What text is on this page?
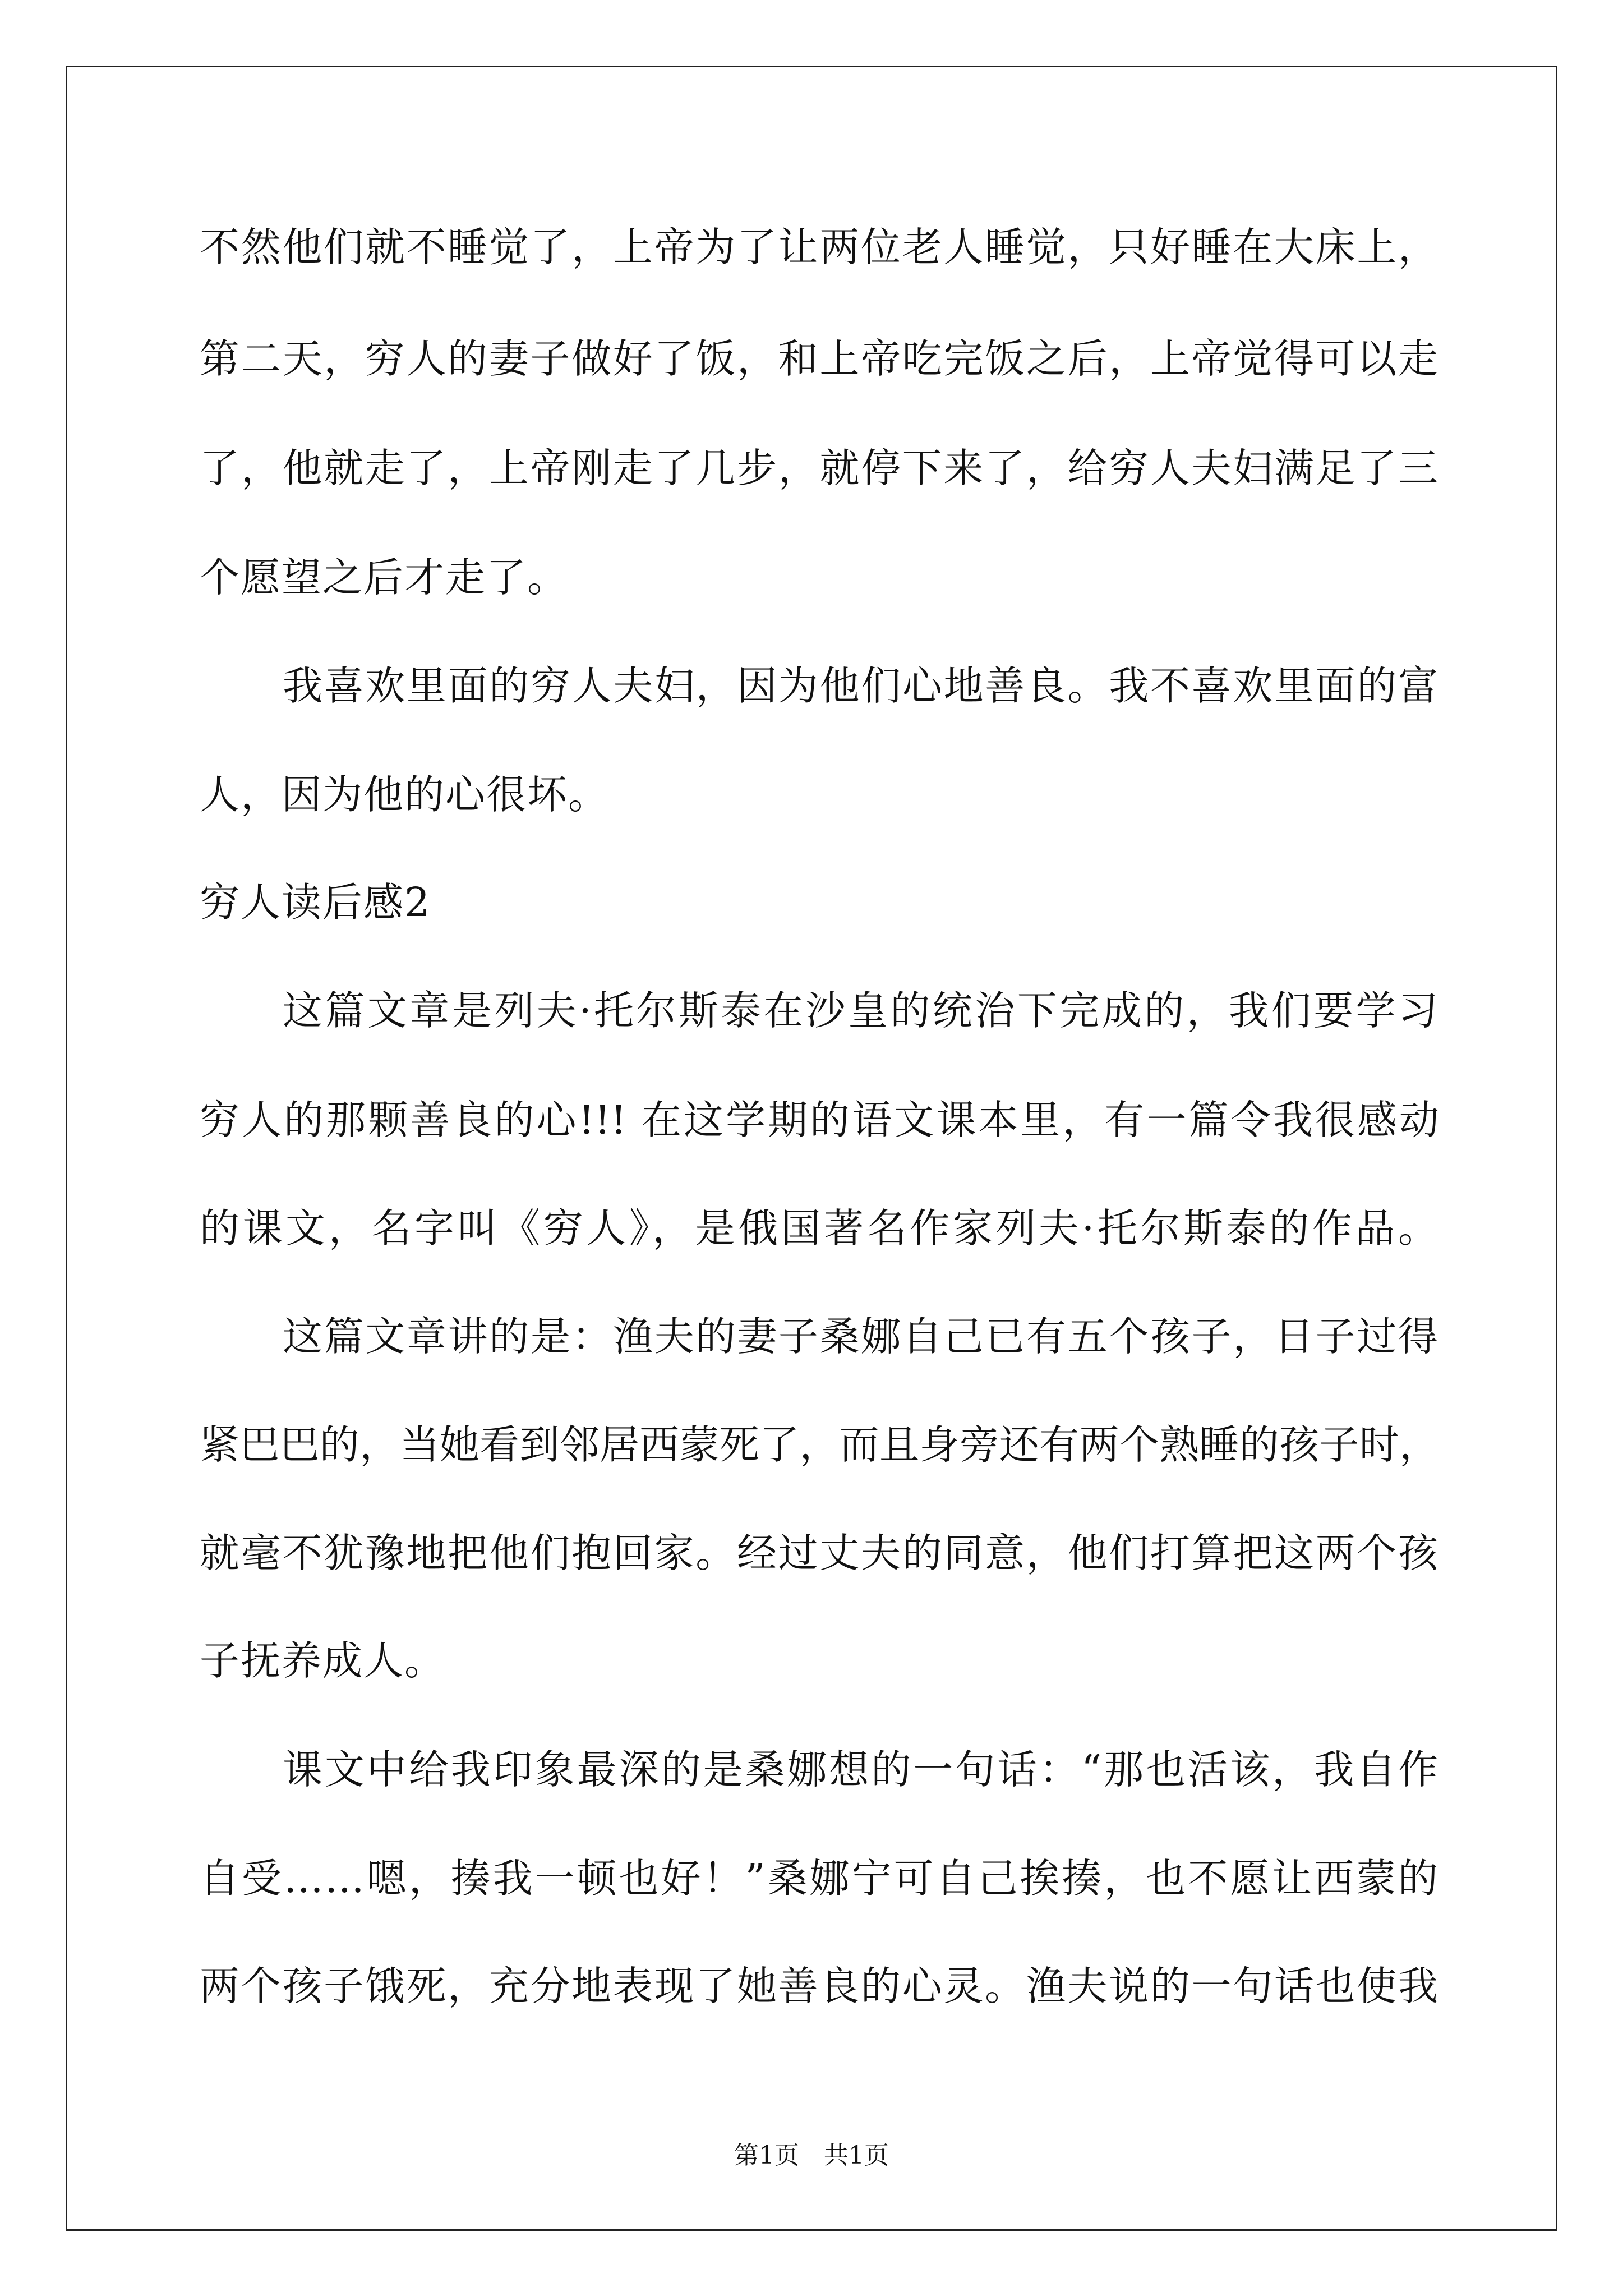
不然他们就不睡觉了，上帝为了让两位老人睡觉，只好睡在大床上，
第二天，穷人的妻子做好了饭，和上帝吃完饭之后，上帝觉得可以走
了，他就走了，上帝刚走了几步，就停下来了，给穷人夫妇满足了三
个愿望之后才走了。
我喜欢里面的穷人夫妇，因为他们心地善良。我不喜欢里面的富
人，因为他的心很坏。
穷人读后感2
这篇文章是列夫·托尔斯泰在沙皇的统治下完成的，我们要学习
穷人的那颗善良的心!!! 在这学期的语文课本里，有一篇令我很感动
的课文，名字叫《穷人》，是俄国著名作家列夫·托尔斯泰的作品。
这篇文章讲的是：渔夫的妻子桑娜自己已有五个孩子，日子过得
紧巴巴的，当她看到邻居西蒙死了，而且身旁还有两个熟睡的孩子时，
就毫不犹豫地把他们抱回家。经过丈夫的同意，他们打算把这两个孩
子抚养成人。
课文中给我印象最深的是桑娜想的一句话：“那也活该，我自作
自受……嗯，揍我一顿也好！”桑娜宁可自己挨揍，也不愿让西蒙的
两个孩子饿死，充分地表现了她善良的心灵。渔夫说的一句话也使我
第1页　共1页
